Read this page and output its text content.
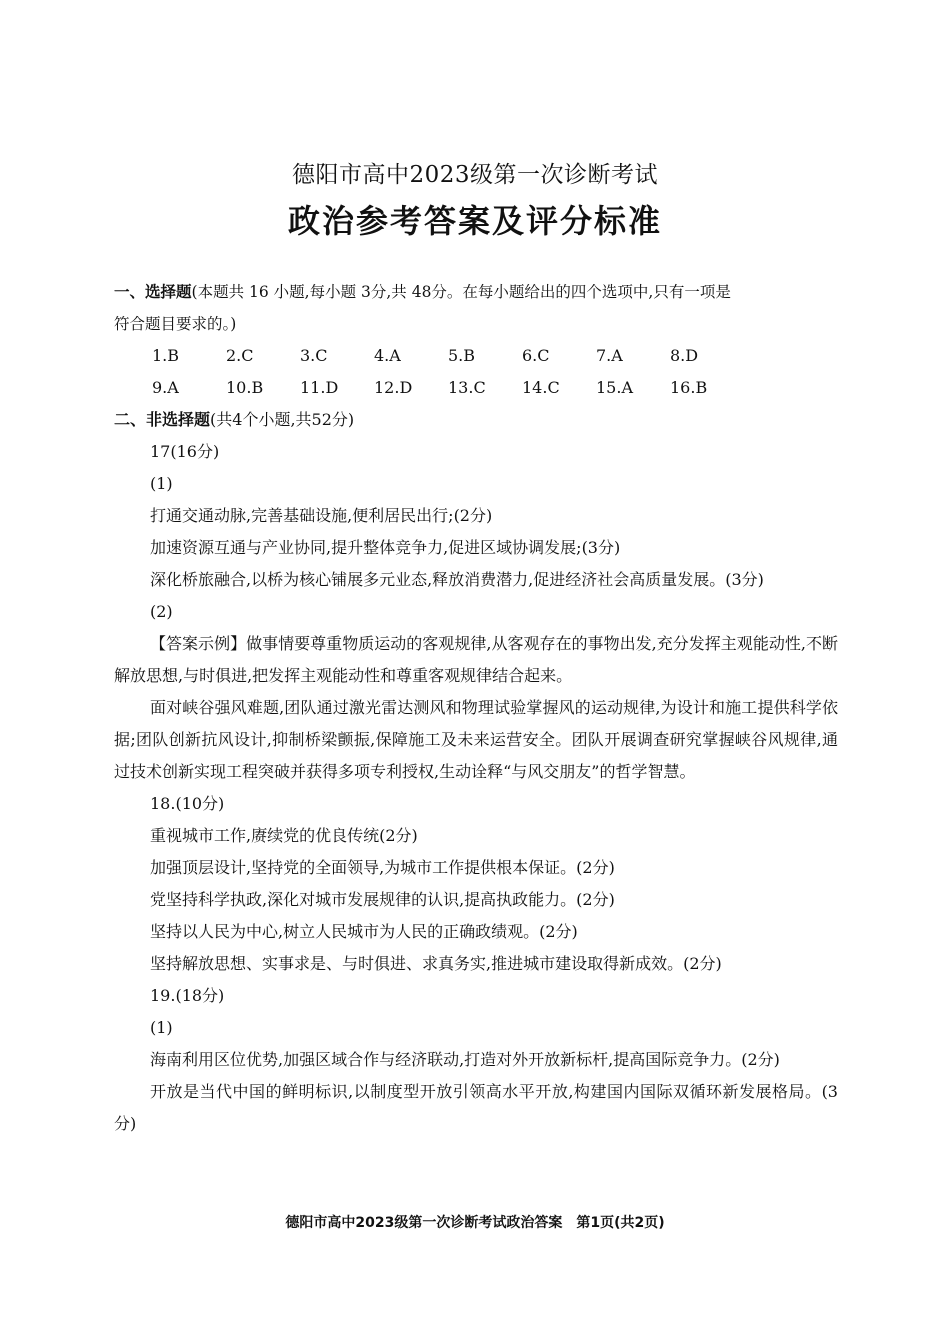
德阳市高中2023级第一次诊断考试
政治参考答案及评分标准

一、选择题(本题共 16 小题,每小题 3分,共 48分。在每小题给出的四个选项中,只有一项是

符合题目要求的。)

1.B	2.C	3.C	4.A	5.B	6.C	7.A	8.D
9.A	10.B	11.D	12.D	13.C	14.C	15.A	16.B

二、非选择题(共4个小题,共52分)

17(16分)

(1)

打通交通动脉,完善基础设施,便利居民出行;(2分)

加速资源互通与产业协同,提升整体竞争力,促进区域协调发展;(3分)

深化桥旅融合,以桥为核心铺展多元业态,释放消费潜力,促进经济社会高质量发展。(3分)

(2)

【答案示例】做事情要尊重物质运动的客观规律,从客观存在的事物出发,充分发挥主观能动性,不断解放思想,与时俱进,把发挥主观能动性和尊重客观规律结合起来。

面对峡谷强风难题,团队通过激光雷达测风和物理试验掌握风的运动规律,为设计和施工提供科学依据;团队创新抗风设计,抑制桥梁颤振,保障施工及未来运营安全。团队开展调查研究掌握峡谷风规律,通过技术创新实现工程突破并获得多项专利授权,生动诠释“与风交朋友”的哲学智慧。

18.(10分)

重视城市工作,赓续党的优良传统(2分)

加强顶层设计,坚持党的全面领导,为城市工作提供根本保证。(2分)

党坚持科学执政,深化对城市发展规律的认识,提高执政能力。(2分)

坚持以人民为中心,树立人民城市为人民的正确政绩观。(2分)

坚持解放思想、实事求是、与时俱进、求真务实,推进城市建设取得新成效。(2分)

19.(18分)

(1)

海南利用区位优势,加强区域合作与经济联动,打造对外开放新标杆,提高国际竞争力。(2分)

开放是当代中国的鲜明标识,以制度型开放引领高水平开放,构建国内国际双循环新发展格局。(3分)

德阳市高中2023级第一次诊断考试政治答案　第1页(共2页)
